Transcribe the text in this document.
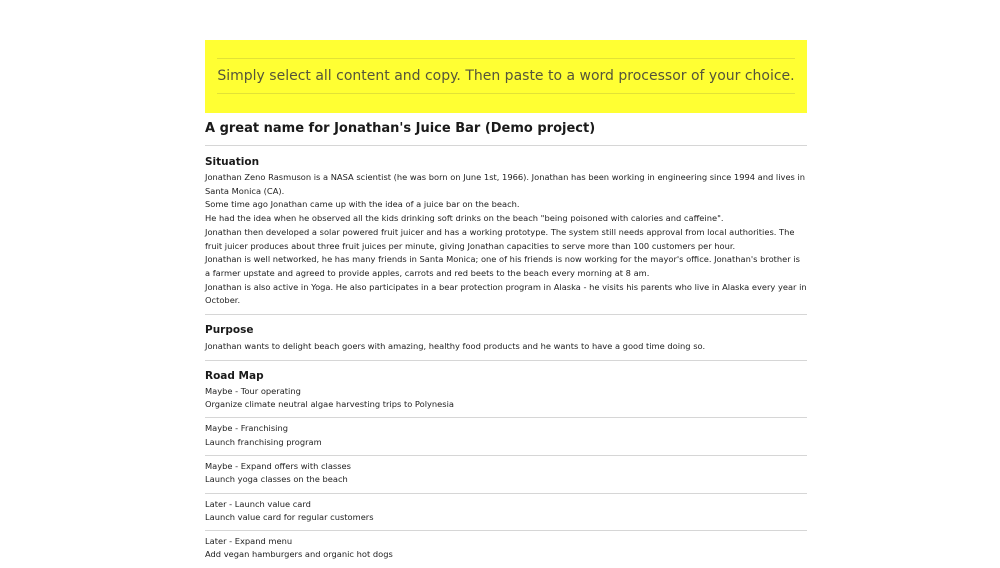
Simply select all content and copy. Then paste to a word processor of your choice.
A great name for Jonathan's Juice Bar (Demo project)
Situation

Jonathan Zeno Rasmuson is a NASA scientist (he was born on June 1st, 1966). Jonathan has been working in engineering since 1994 and lives in Santa Monica (CA).

Some time ago Jonathan came up with the idea of a juice bar on the beach.

He had the idea when he observed all the kids drinking soft drinks on the beach "being poisoned with calories and caffeine".

Jonathan then developed a solar powered fruit juicer and has a working prototype. The system still needs approval from local authorities. The fruit juicer produces about three fruit juices per minute, giving Jonathan capacities to serve more than 100 customers per hour.

Jonathan is well networked, he has many friends in Santa Monica; one of his friends is now working for the mayor's office. Jonathan's brother is a farmer upstate and agreed to provide apples, carrots and red beets to the beach every morning at 8 am.

Jonathan is also active in Yoga. He also participates in a bear protection program in Alaska - he visits his parents who live in Alaska every year in October.

Purpose

Jonathan wants to delight beach goers with amazing, healthy food products and he wants to have a good time doing so.

Road Map
Maybe - Tour operating
Organize climate neutral algae harvesting trips to Polynesia
Maybe - Franchising
Launch franchising program
Maybe - Expand offers with classes
Launch yoga classes on the beach
Later - Launch value card
Launch value card for regular customers
Later - Expand menu
Add vegan hamburgers and organic hot dogs
